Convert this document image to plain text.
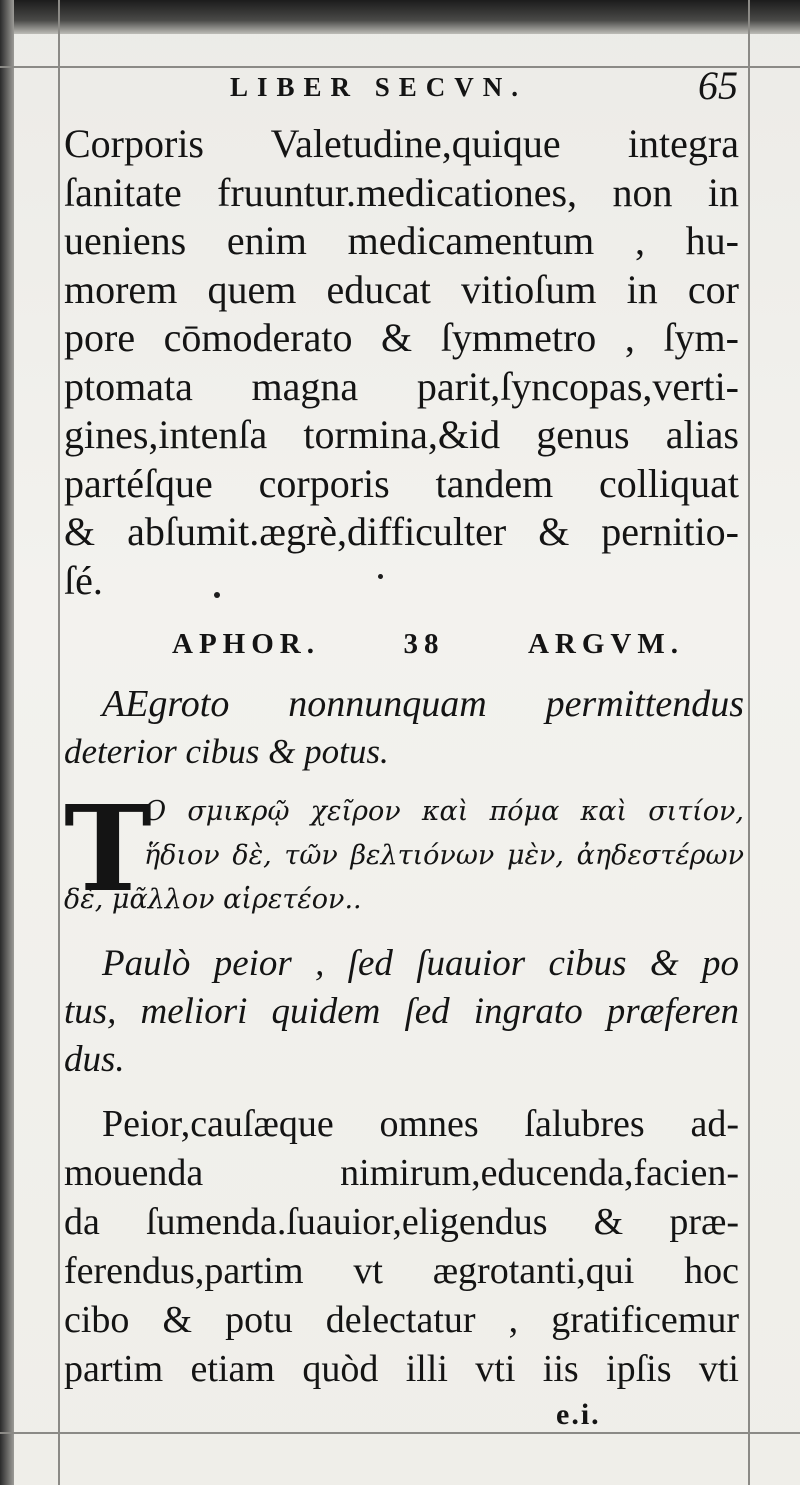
LIBER SECVN.	65
Corporis Valetudine,quique integra
ſanitate fruuntur.medicationes, non in
ueniens enim medicamentum , hu-
morem quem educat vitioſum in cor
pore cōmoderato & ſymmetro , ſym-
ptomata magna parit,ſyncopas,verti-
gines,intenſa tormina,&id genus alias
partéſque corporis tandem colliquat
& abſumit.ægrè,difficulter & pernitio-
ſé.
APHOR.	38	ARGVM.
AEgroto nonnunquam permittendus
deterior cibus & potus.
T
Ο σμικρῷ χεῖρον καὶ πόμα καὶ σιτίον,
ἥδιον δὲ, τῶν βελτιόνων μὲν, ἀηδεστέρων
δὲ, μᾶλλον αἱρετέον..
Paulò peior , ſed ſuauior cibus & po
tus, meliori quidem ſed ingrato præferen
dus.
Peior,cauſæque omnes ſalubres ad-
mouenda nimirum,educenda,facien-
da ſumenda.ſuauior,eligendus & præ-
ferendus,partim vt ægrotanti,qui hoc
cibo & potu delectatur , gratificemur
partim etiam quòd illi vti iis ipſis vti
e.i.
